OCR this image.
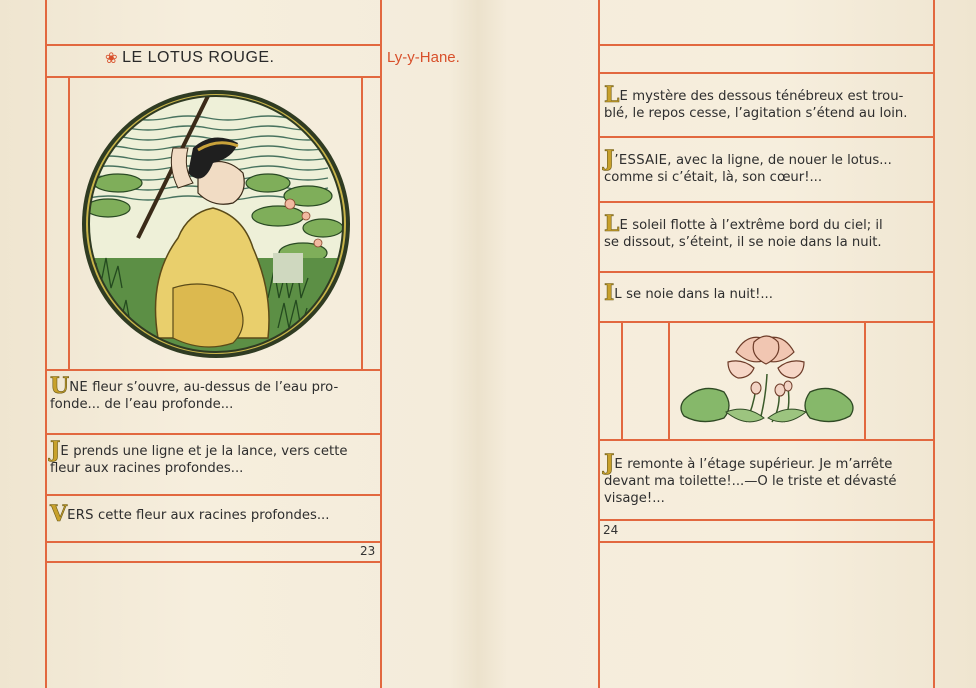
❀ LE LOTUS ROUGE.	Ly-y-Hane.
UNE fleur s’ouvre, au-dessus de l’eau pro-
fonde... de l’eau profonde...
JE prends une ligne et je la lance, vers cette
fleur aux racines profondes...
VERS cette fleur aux racines profondes...
23
LE mystère des dessous ténébreux est trou-
blé, le repos cesse, l’agitation s’étend au loin.
J’ESSAIE, avec la ligne, de nouer le lotus...
comme si c’était, là, son cœur!...
LE soleil flotte à l’extrême bord du ciel; il
se dissout, s’éteint, il se noie dans la nuit.
IL se noie dans la nuit!...
JE remonte à l’étage supérieur. Je m’arrête
devant ma toilette!...—O le triste et dévasté
visage!...
24
